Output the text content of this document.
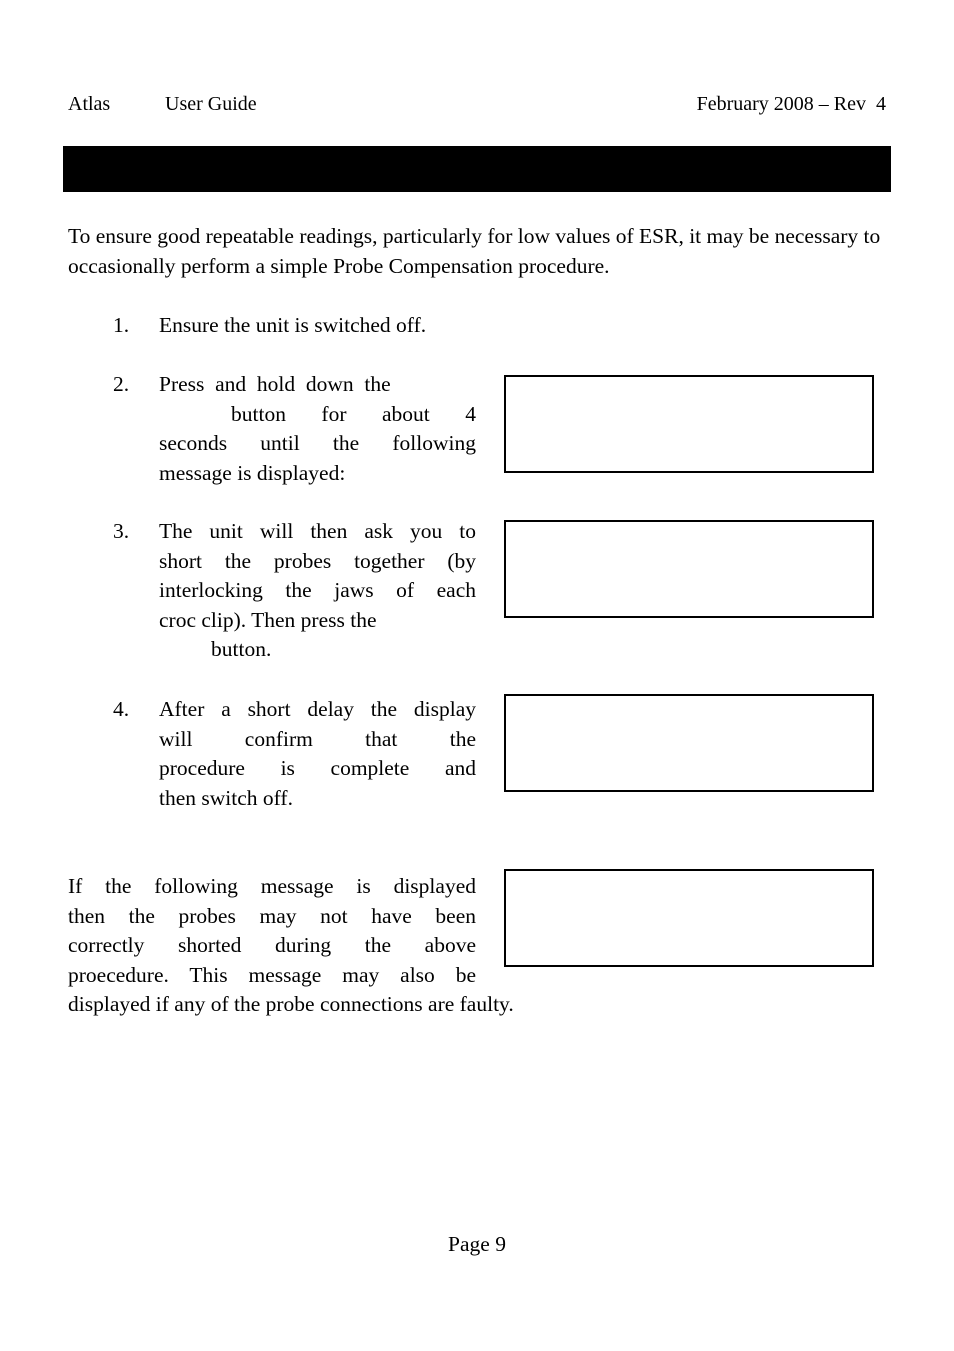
Atlas	User Guide	February 2008 – Rev  4
To ensure good repeatable readings, particularly for low values of ESR, it may be necessary to occasionally perform a simple Probe Compensation procedure.
1. Ensure the unit is switched off.
2. Press  and  hold  down  the
button for about 4
seconds until the following
message is displayed:
3. The unit will then ask you to
short the probes together (by
interlocking the jaws of each
croc clip). Then press the
button.
4. After a short delay the display
will confirm that the
procedure is complete and
then switch off.
If the following message is displayed
then the probes may not have been
correctly shorted during the above
proecedure. This message may also be
displayed if any of the probe connections are faulty.
Page 9
